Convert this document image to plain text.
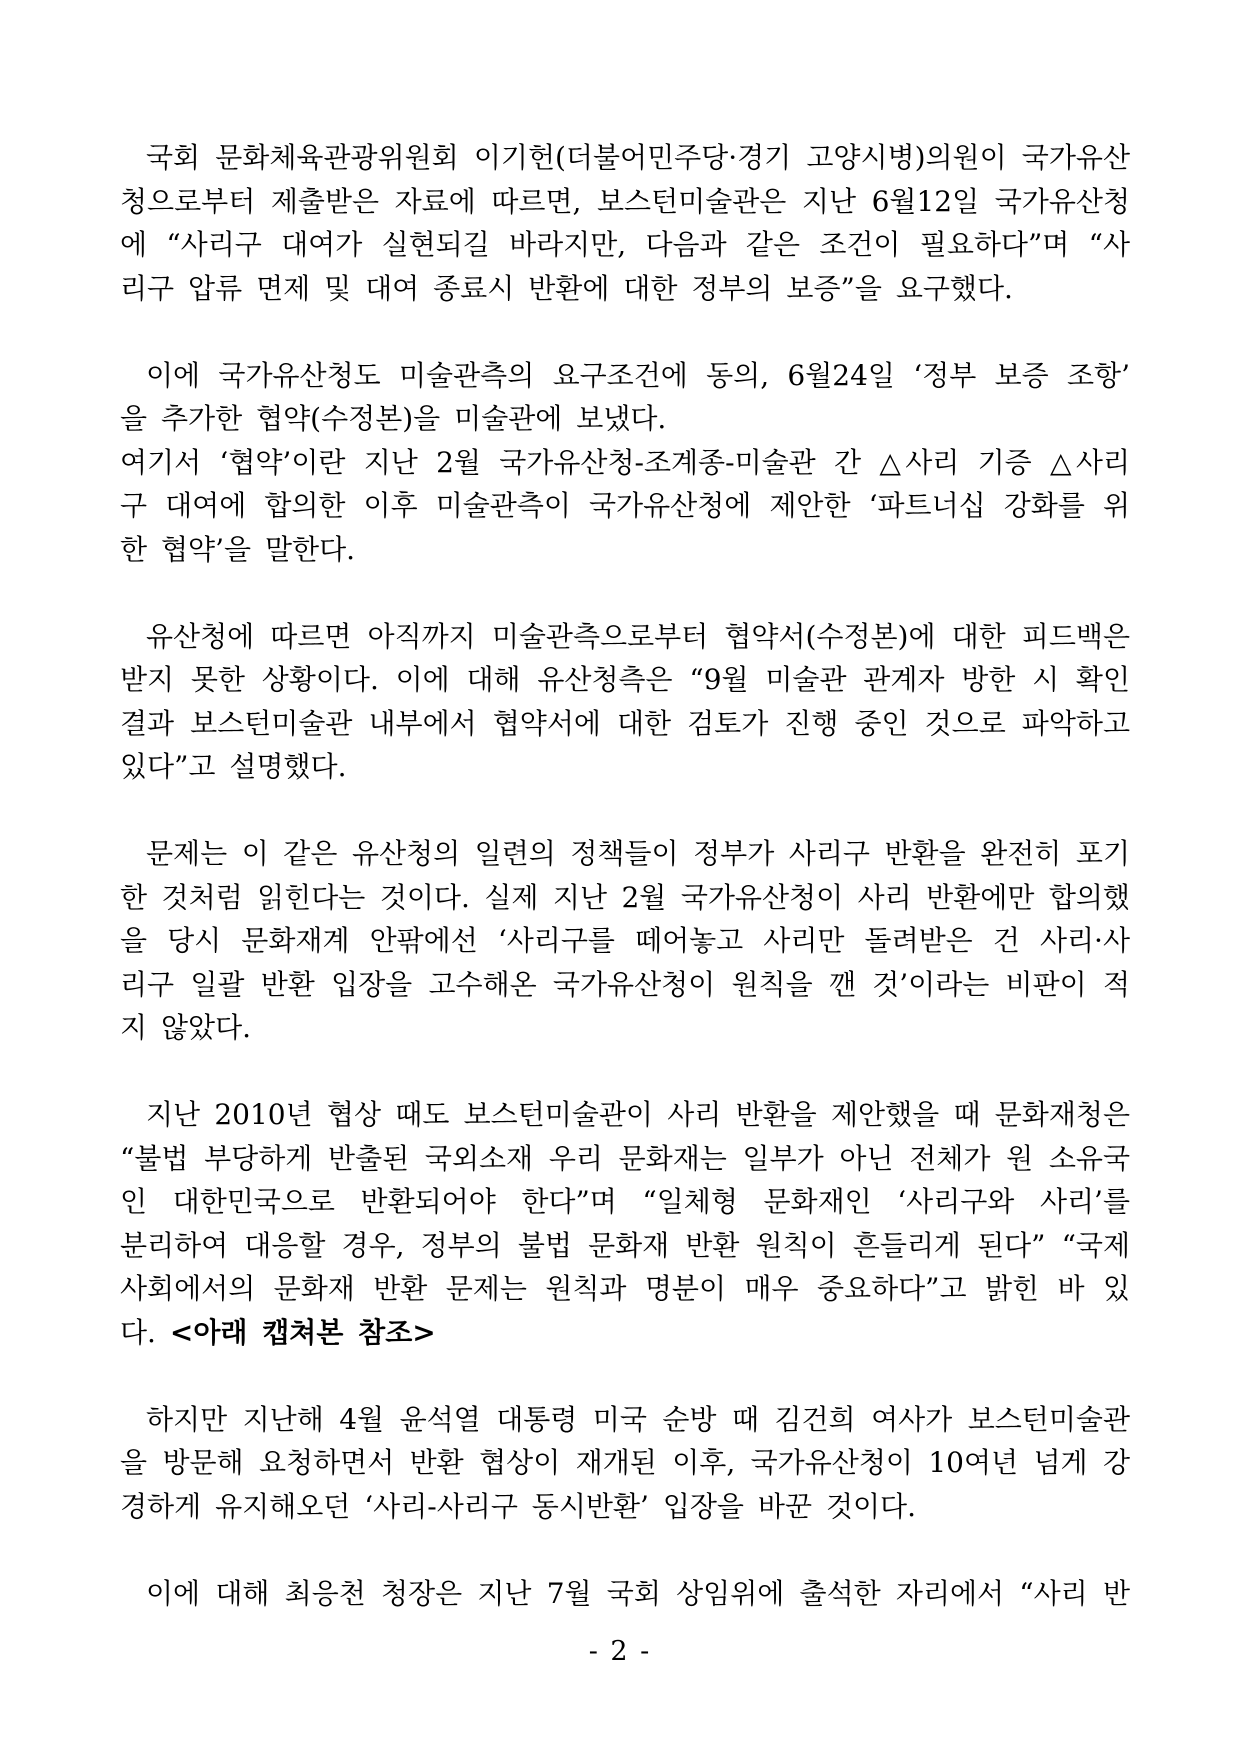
국회 문화체육관광위원회 이기헌(더불어민주당·경기 고양시병)의원이 국가유산
청으로부터 제출받은 자료에 따르면, 보스턴미술관은 지난 6월12일 국가유산청
에 “사리구 대여가 실현되길 바라지만, 다음과 같은 조건이 필요하다”며 “사
리구 압류 면제 및 대여 종료시 반환에 대한 정부의 보증”을 요구했다.
이에 국가유산청도 미술관측의 요구조건에 동의, 6월24일 ‘정부 보증 조항’
을 추가한 협약(수정본)을 미술관에 보냈다.
여기서 ‘협약’이란 지난 2월 국가유산청-조계종-미술관 간 △사리 기증 △사리
구 대여에 합의한 이후 미술관측이 국가유산청에 제안한 ‘파트너십 강화를 위
한 협약’을 말한다.
유산청에 따르면 아직까지 미술관측으로부터 협약서(수정본)에 대한 피드백은
받지 못한 상황이다. 이에 대해 유산청측은 “9월 미술관 관계자 방한 시 확인
결과 보스턴미술관 내부에서 협약서에 대한 검토가 진행 중인 것으로 파악하고
있다”고 설명했다.
문제는 이 같은 유산청의 일련의 정책들이 정부가 사리구 반환을 완전히 포기
한 것처럼 읽힌다는 것이다. 실제 지난 2월 국가유산청이 사리 반환에만 합의했
을 당시 문화재계 안팎에선 ‘사리구를 떼어놓고 사리만 돌려받은 건 사리·사
리구 일괄 반환 입장을 고수해온 국가유산청이 원칙을 깬 것’이라는 비판이 적
지 않았다.
지난 2010년 협상 때도 보스턴미술관이 사리 반환을 제안했을 때 문화재청은
“불법 부당하게 반출된 국외소재 우리 문화재는 일부가 아닌 전체가 원 소유국
인 대한민국으로 반환되어야 한다”며 “일체형 문화재인 ‘사리구와 사리’를
분리하여 대응할 경우, 정부의 불법 문화재 반환 원칙이 흔들리게 된다” “국제
사회에서의 문화재 반환 문제는 원칙과 명분이 매우 중요하다”고 밝힌 바 있
다. <아래 캡쳐본 참조>
하지만 지난해 4월 윤석열 대통령 미국 순방 때 김건희 여사가 보스턴미술관
을 방문해 요청하면서 반환 협상이 재개된 이후, 국가유산청이 10여년 넘게 강
경하게 유지해오던 ‘사리-사리구 동시반환’ 입장을 바꾼 것이다.
이에 대해 최응천 청장은 지난 7월 국회 상임위에 출석한 자리에서 “사리 반
- 2 -
